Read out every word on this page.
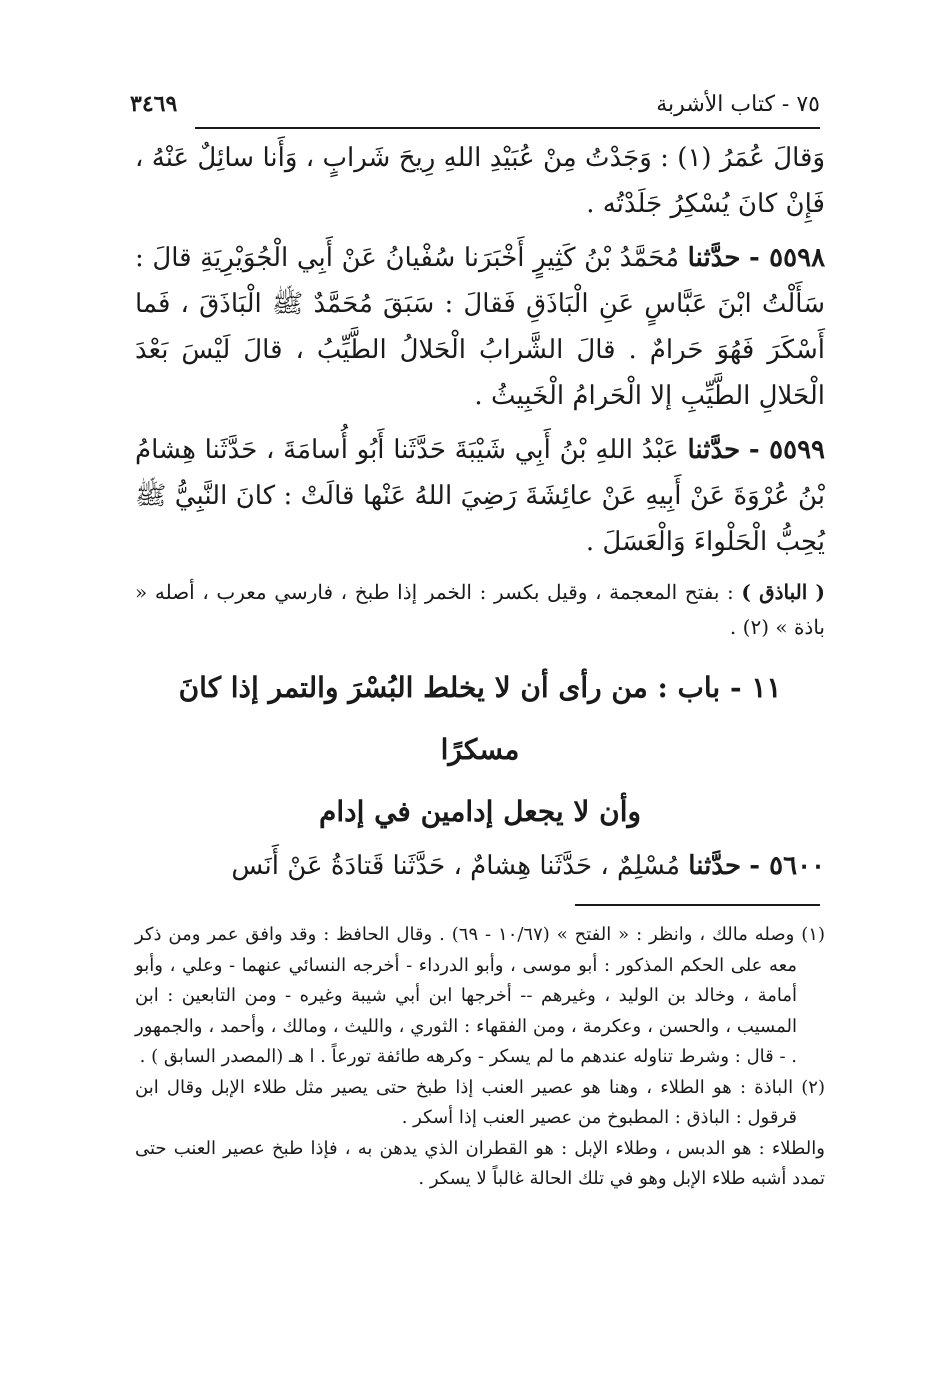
٧٥ - كتاب الأشربة
٣٤٦٩

وَقالَ عُمَرُ (١) : وَجَدْتُ مِنْ عُبَيْدِ اللهِ رِيحَ شَرابٍ ، وَأَنا سائِلٌ عَنْهُ ، فَإِنْ كانَ يُسْكِرُ جَلَدْتُه .

٥٥٩٨ - حدَّثنا مُحَمَّدُ بْنُ كَثِيرٍ أَخْبَرَنا سُفْيانُ عَنْ أَبِي الْجُوَيْرِيَةِ قالَ : سَأَلْتُ ابْنَ عَبَّاسٍ عَنِ الْبَاذَقِ فَقالَ : سَبَقَ مُحَمَّدٌ ﷺ الْبَاذَقَ ، فَما أَسْكَرَ فَهُوَ حَرامٌ . قالَ الشَّرابُ الْحَلالُ الطَّيِّبُ ، قالَ لَيْسَ بَعْدَ الْحَلالِ الطَّيِّبِ إلا الْحَرامُ الْخَبِيثُ .

٥٥٩٩ - حدَّثنا عَبْدُ اللهِ بْنُ أَبِي شَيْبَةَ حَدَّثَنا أَبُو أُسامَةَ ، حَدَّثَنا هِشامُ بْنُ عُرْوَةَ عَنْ أَبِيهِ عَنْ عائِشَةَ رَضِيَ اللهُ عَنْها قالَتْ : كانَ النَّبِيُّ ﷺ يُحِبُّ الْحَلْواءَ وَالْعَسَلَ .

( الباذق ) : بفتح المعجمة ، وقيل بكسر : الخمر إذا طبخ ، فارسي معرب ، أصله « باذة » (٢) .

١١ - باب : من رأى أن لا يخلط البُسْرَ والتمر إذا كانَ مسكرًا

وأن لا يجعل إدامين في إدام

٥٦٠٠ - حدَّثنا مُسْلِمٌ ، حَدَّثَنا هِشامٌ ، حَدَّثَنا قَتادَةُ عَنْ أَنَس

(١) وصله مالك ، وانظر : « الفتح » (١٠/٦٧ - ٦٩) . وقال الحافظ : وقد وافق عمر ومن ذكر معه على الحكم المذكور : أبو موسى ، وأبو الدرداء - أخرجه النسائي عنهما - وعلي ، وأبو أمامة ، وخالد بن الوليد ، وغيرهم -- أخرجها ابن أبي شيبة وغيره - ومن التابعين : ابن المسيب ، والحسن ، وعكرمة ، ومن الفقهاء : الثوري ، والليث ، ومالك ، وأحمد ، والجمهور . - قال : وشرط تناوله عندهم ما لم يسكر - وكرهه طائفة تورعاً . ا هـ (المصدر السابق ) .

(٢) الباذة : هو الطلاء ، وهنا هو عصير العنب إذا طبخ حتى يصير مثل طلاء الإبل وقال ابن قرقول : الباذق : المطبوخ من عصير العنب إذا أسكر .

والطلاء : هو الدبس ، وطلاء الإبل : هو القطران الذي يدهن به ، فإذا طبخ عصير العنب حتى تمدد أشبه طلاء الإبل وهو في تلك الحالة غالباً لا يسكر .
